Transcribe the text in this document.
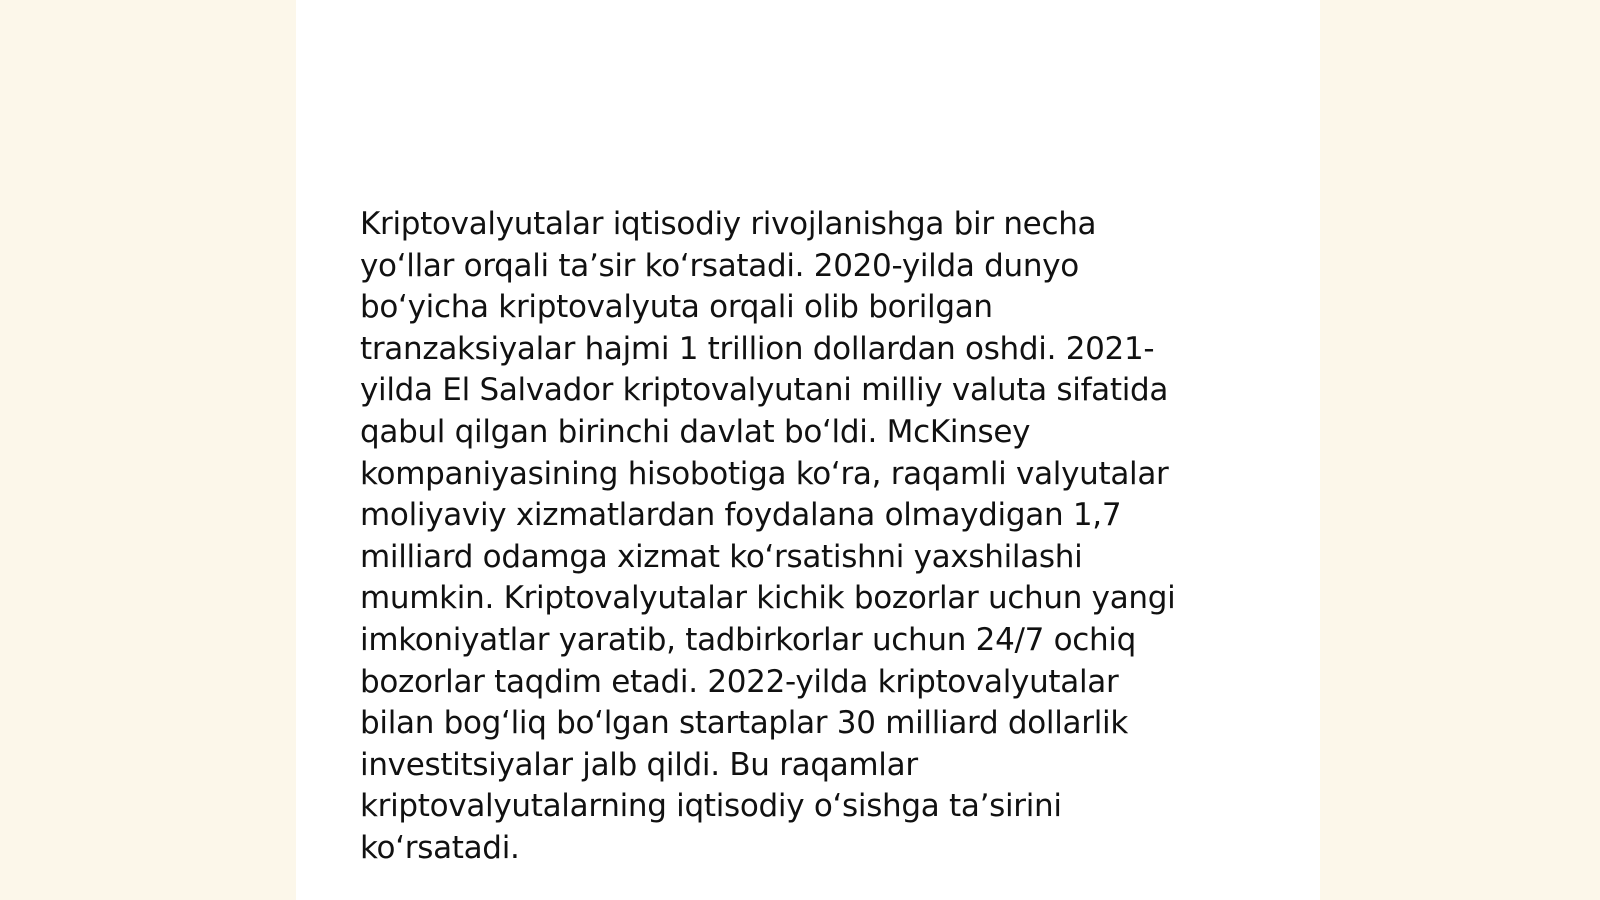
Kriptovalyutalar iqtisodiy rivojlanishga bir necha
yo‘llar orqali ta’sir ko‘rsatadi. 2020-yilda dunyo
bo‘yicha kriptovalyuta orqali olib borilgan
tranzaksiyalar hajmi 1 trillion dollardan oshdi. 2021-
yilda El Salvador kriptovalyutani milliy valuta sifatida
qabul qilgan birinchi davlat bo‘ldi. McKinsey
kompaniyasining hisobotiga ko‘ra, raqamli valyutalar
moliyaviy xizmatlardan foydalana olmaydigan 1,7
milliard odamga xizmat ko‘rsatishni yaxshilashi
mumkin. Kriptovalyutalar kichik bozorlar uchun yangi
imkoniyatlar yaratib, tadbirkorlar uchun 24/7 ochiq
bozorlar taqdim etadi. 2022-yilda kriptovalyutalar
bilan bog‘liq bo‘lgan startaplar 30 milliard dollarlik
investitsiyalar jalb qildi. Bu raqamlar
kriptovalyutalarning iqtisodiy o‘sishga ta’sirini
ko‘rsatadi.
